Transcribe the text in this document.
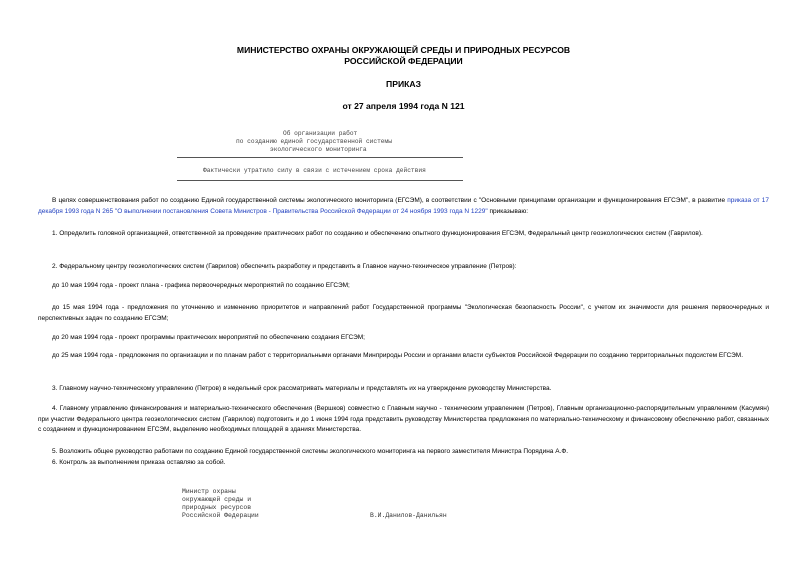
МИНИСТЕРСТВО ОХРАНЫ ОКРУЖАЮЩЕЙ СРЕДЫ И ПРИРОДНЫХ РЕСУРСОВ
РОССИЙСКОЙ ФЕДЕРАЦИИ
ПРИКАЗ
от 27 апреля 1994 года N 121
Об организации работ
по созданию единой государственной системы
экологического мониторинга
Фактически утратило силу в связи с истечением срока действия
В целях совершенствования работ по созданию Единой государственной системы экологического мониторинга (ЕГСЭМ), в соответствии с "Основными принципами организации и функционирования ЕГСЭМ", в развитие приказа от 17 декабря 1993 года N 265 "О выполнении постановления Совета Министров - Правительства Российской Федерации от 24 ноября 1993 года N 1229" приказываю:
1. Определить головной организацией, ответственной за проведение практических работ по созданию и обеспечению опытного функционирования ЕГСЭМ, Федеральный центр геоэкологических систем (Гаврилов).
2. Федеральному центру геоэкологических систем (Гаврилов) обеспечить разработку и представить в Главное научно-техническое управление (Петров):
до 10 мая 1994 года - проект плана - графика первоочередных мероприятий по созданию ЕГСЭМ;
до 15 мая 1994 года - предложения по уточнению и изменению приоритетов и направлений работ Государственной программы "Экологическая безопасность России", с учетом их значимости для решения первоочередных и перспективных задач по созданию ЕГСЭМ;
до 20 мая 1994 года - проект программы практических мероприятий по обеспечению создания ЕГСЭМ;
до 25 мая 1994 года - предложения по организации и по планам работ с территориальными органами Минприроды России и органами власти субъектов Российской Федерации по созданию территориальных подсистем ЕГСЭМ.
3. Главному научно-техническому управлению (Петров) в недельный срок рассматривать материалы и представлять их на утверждение руководству Министерства.
4. Главному управлению финансирования и материально-технического обеспечения (Вершков) совместно с Главным научно - техническим управлением (Петров), Главным организационно-распорядительным управлением (Касумян) при участии Федерального центра геоэкологических систем (Гаврилов) подготовить и до 1 июня 1994 года представить руководству Министерства предложения по материально-техническому и финансовому обеспечению работ, связанных с созданием и функционированием ЕГСЭМ, выделению необходимых площадей в зданиях Министерства.
5. Возложить общее руководство работами по созданию Единой государственной системы экологического мониторинга на первого заместителя Министра Порядина А.Ф.
6. Контроль за выполнением приказа оставляю за собой.
Министр охраны
окружающей среды и
природных ресурсов
Российской Федерации	В.И.Данилов-Данильян
